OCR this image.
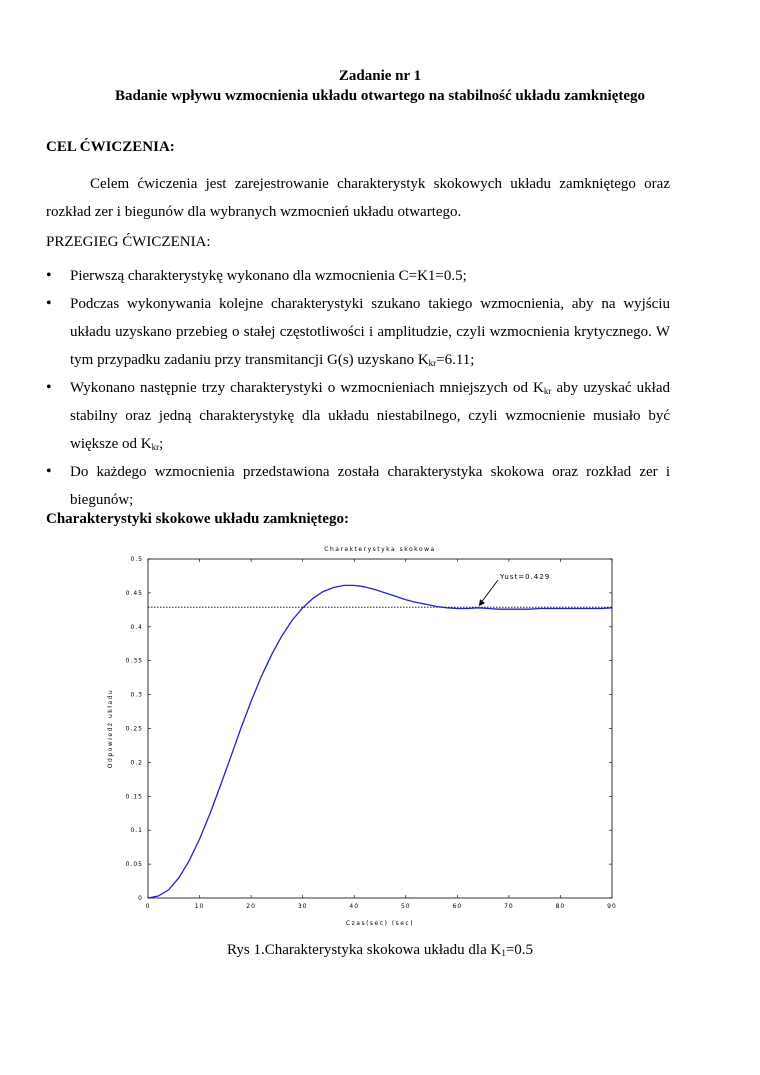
Zadanie nr 1
Badanie wpływu wzmocnienia układu otwartego na stabilność układu zamkniętego
CEL ĆWICZENIA:
Celem ćwiczenia jest zarejestrowanie charakterystyk skokowych układu zamkniętego oraz rozkład zer i biegunów dla wybranych wzmocnień układu otwartego.
PRZEGIEG ĆWICZENIA:
• Pierwszą charakterystykę wykonano dla wzmocnienia C=K1=0.5;
• Podczas wykonywania kolejne charakterystyki szukano takiego wzmocnienia, aby na wyjściu układu uzyskano przebieg o stałej częstotliwości i amplitudzie, czyli wzmocnienia krytycznego. W tym przypadku zadaniu przy transmitancji G(s) uzyskano $K_{kr}=6.11$;
• Wykonano następnie trzy charakterystyki o wzmocnieniach mniejszych od $K_{kr}$ aby uzyskać układ stabilny oraz jedną charakterystykę dla układu niestabilnego, czyli wzmocnienie musiało być większe od $K_{kr}$;
• Do każdego wzmocnienia przedstawiona została charakterystyka skokowa oraz rozkład zer i biegunów;
Charakterystyki skokowe układu zamkniętego:
Charakterystyka skokowa
Czas(sec) (sec)
Odpowiedź układu
0	10	20	30	40	50	60	70	80	90
0
0.05
0.1
0.15
0.2
0.25
0.3
0.35
0.4
0.45
0.5
Yust=0.429
Rys 1.Charakterystyka skokowa układu dla $K_1=0.5$
